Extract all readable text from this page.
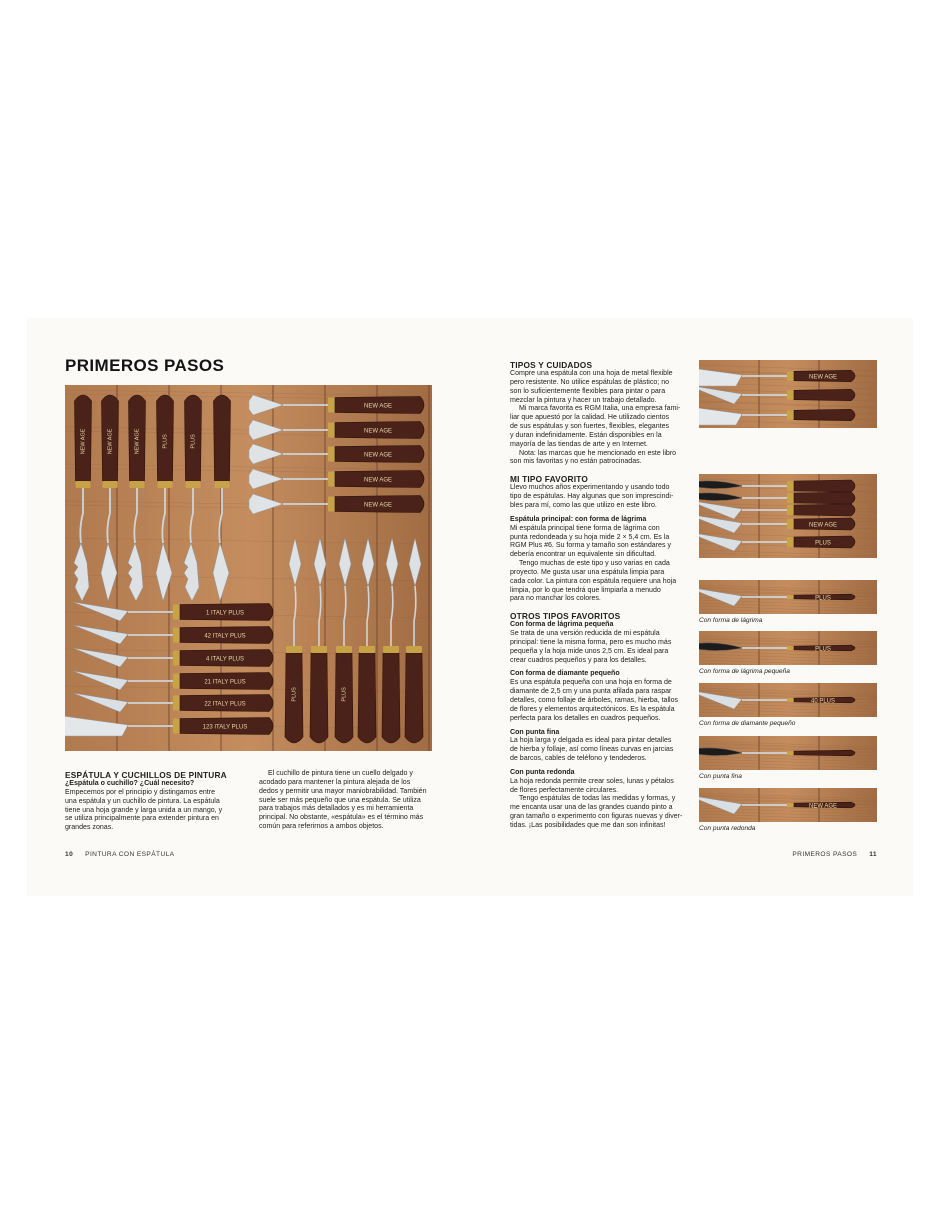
PRIMEROS PASOS
NEW AGE	NEW AGE	NEW AGE	PLUS	PLUS
NEW AGE
NEW AGE
NEW AGE
NEW AGE
NEW AGE
1 ITALY PLUS
42 ITALY PLUS
4 ITALY PLUS
21 ITALY PLUS
22 ITALY PLUS
123 ITALY PLUS
PLUS	PLUS

ESPÁTULA Y CUCHILLOS DE PINTURA

¿Espátula o cuchillo? ¿Cuál necesito?

Empecemos por el principio y distingamos entre
una espátula y un cuchillo de pintura. La espátula
tiene una hoja grande y larga unida a un mango, y
se utiliza principalmente para extender pintura en
grandes zonas.
El cuchillo de pintura tiene un cuello delgado y
acodado para mantener la pintura alejada de los
dedos y permitir una mayor maniobrabilidad. También
suele ser más pequeño que una espátula. Se utiliza
para trabajos más detallados y es mi herramienta
principal. No obstante, «espátula» es el término más
común para referirnos a ambos objetos.
10 PINTURA CON ESPÁTULA
TIPOS Y CUIDADOS
Compre una espátula con una hoja de metal flexible
pero resistente. No utilice espátulas de plástico; no
son lo suficientemente flexibles para pintar o para
mezclar la pintura y hacer un trabajo detallado.
Mi marca favorita es RGM Italia, una empresa fami-
liar que apuestó por la calidad. He utilizado cientos
de sus espátulas y son fuertes, flexibles, elegantes
y duran indefinidamente. Están disponibles en la
mayoría de las tiendas de arte y en Internet.
Nota: las marcas que he mencionado en este libro
son mis favoritas y no están patrocinadas.
MI TIPO FAVORITO
Llevo muchos años experimentando y usando todo
tipo de espátulas. Hay algunas que son imprescindi-
bles para mí, como las que utilizo en este libro.
Espátula principal: con forma de lágrima
Mi espátula principal tiene forma de lágrima con
punta redondeada y su hoja mide 2 × 5,4 cm. Es la
RGM Plus #6. Su forma y tamaño son estándares y
debería encontrar un equivalente sin dificultad.
Tengo muchas de este tipo y uso varias en cada
proyecto. Me gusta usar una espátula limpia para
cada color. La pintura con espátula requiere una hoja
limpia, por lo que tendrá que limpiarla a menudo
para no manchar los colores.
OTROS TIPOS FAVORITOS
Con forma de lágrima pequeña
Se trata de una versión reducida de mi espátula
principal: tiene la misma forma, pero es mucho más
pequeña y la hoja mide unos 2,5 cm. Es ideal para
crear cuadros pequeños y para los detalles.
Con forma de diamante pequeño
Es una espátula pequeña con una hoja en forma de
diamante de 2,5 cm y una punta afilada para raspar
detalles, como follaje de árboles, ramas, hierba, tallos
de flores y elementos arquitectónicos. Es la espátula
perfecta para los detalles en cuadros pequeños.
Con punta fina
La hoja larga y delgada es ideal para pintar detalles
de hierba y follaje, así como líneas curvas en jarcias
de barcos, cables de teléfono y tendederos.
Con punta redonda
La hoja redonda permite crear soles, lunas y pétalos
de flores perfectamente circulares.
Tengo espátulas de todas las medidas y formas, y
me encanta usar una de las grandes cuando pinto a
gran tamaño o experimento con figuras nuevas y diver-
tidas. ¡Las posibilidades que me dan son infinitas!
NEW AGE
NEW AGE
PLUS
PLUS
Con forma de lágrima
PLUS
Con forma de lágrima pequeña
40 PLUS
Con forma de diamante pequeño
Con punta fina
NEW AGE
Con punta redonda
PRIMEROS PASOS 11
